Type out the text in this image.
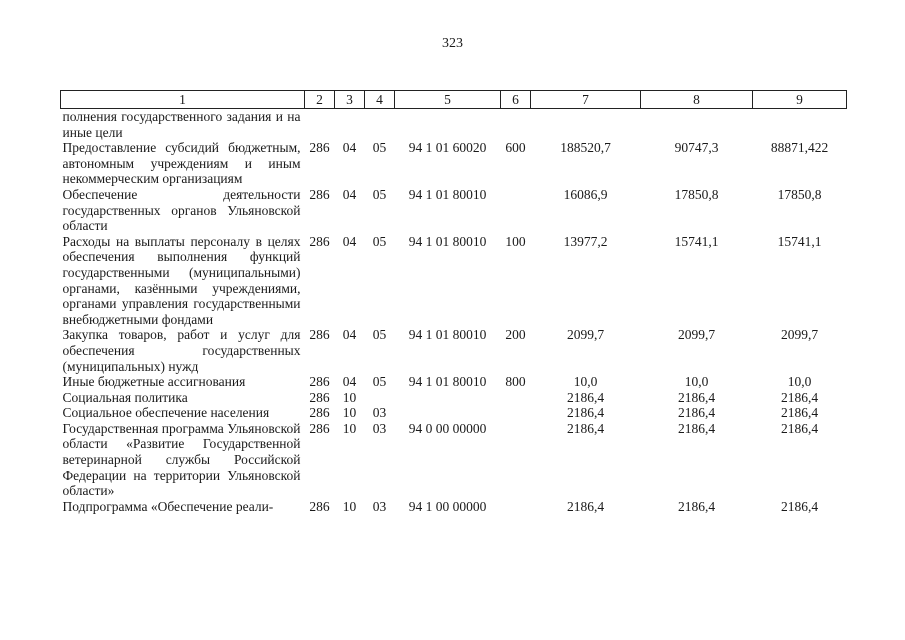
323
1	2	3	4	5	6	7	8	9
полнения государственного задания и на иные цели								
Предоставление субсидий бюджетным, автономным учреждениям и иным некоммерческим организациям	286	04	05	94 1 01 60020	600	188520,7	90747,3	88871,422
Обеспечение деятельности государственных органов Ульяновской области	286	04	05	94 1 01 80010		16086,9	17850,8	17850,8
Расходы на выплаты персоналу в целях обеспечения выполнения функций государственными (муниципальными) органами, казёнными учреждениями, органами управления государственными внебюджетными фондами	286	04	05	94 1 01 80010	100	13977,2	15741,1	15741,1
Закупка товаров, работ и услуг для обеспечения государственных (муниципальных) нужд	286	04	05	94 1 01 80010	200	2099,7	2099,7	2099,7
Иные бюджетные ассигнования	286	04	05	94 1 01 80010	800	10,0	10,0	10,0
Социальная политика	286	10				2186,4	2186,4	2186,4
Социальное обеспечение населения	286	10	03			2186,4	2186,4	2186,4
Государственная программа Ульяновской области «Развитие Государственной ветеринарной службы Российской Федерации на территории Ульяновской области»	286	10	03	94 0 00 00000		2186,4	2186,4	2186,4
Подпрограмма «Обеспечение реали-	286	10	03	94 1 00 00000		2186,4	2186,4	2186,4
